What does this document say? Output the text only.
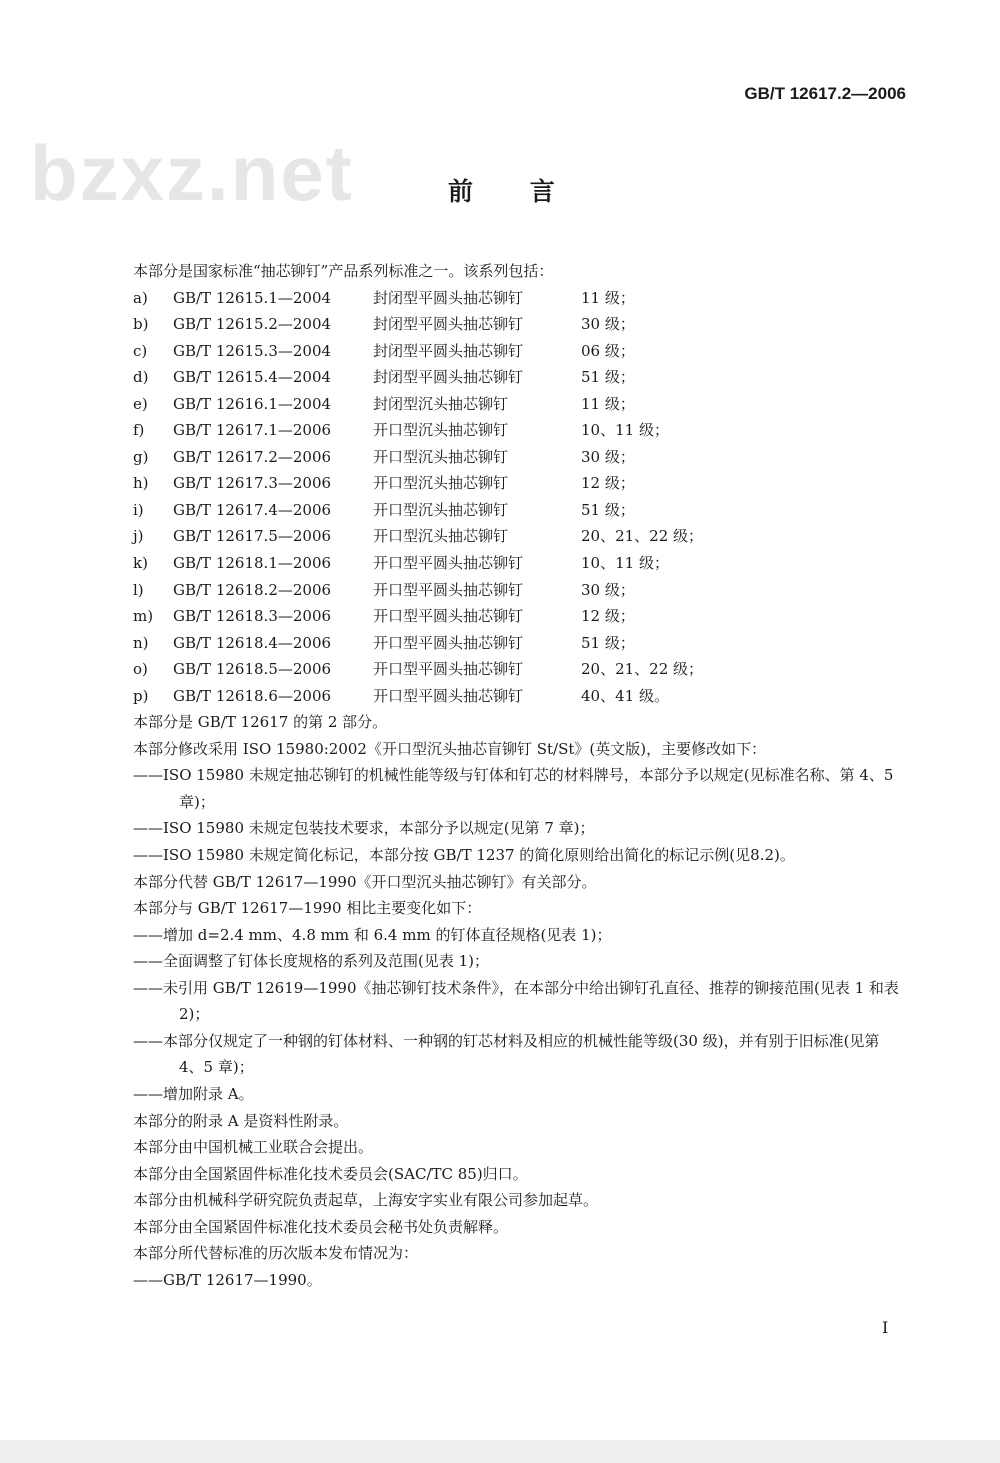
GB/T 12617.2—2006
bzxz.net	前 言
本部分是国家标准“抽芯铆钉”产品系列标准之一。该系列包括：
a) GB/T 12615.1—2004	封闭型平圆头抽芯铆钉	11 级；
b) GB/T 12615.2—2004	封闭型平圆头抽芯铆钉	30 级；
c) GB/T 12615.3—2004	封闭型平圆头抽芯铆钉	06 级；
d) GB/T 12615.4—2004	封闭型平圆头抽芯铆钉	51 级；
e) GB/T 12616.1—2004	封闭型沉头抽芯铆钉	11 级；
f) GB/T 12617.1—2006	开口型沉头抽芯铆钉	10、11 级；
g) GB/T 12617.2—2006	开口型沉头抽芯铆钉	30 级；
h) GB/T 12617.3—2006	开口型沉头抽芯铆钉	12 级；
i) GB/T 12617.4—2006	开口型沉头抽芯铆钉	51 级；
j) GB/T 12617.5—2006	开口型沉头抽芯铆钉	20、21、22 级；
k) GB/T 12618.1—2006	开口型平圆头抽芯铆钉	10、11 级；
l) GB/T 12618.2—2006	开口型平圆头抽芯铆钉	30 级；
m) GB/T 12618.3—2006	开口型平圆头抽芯铆钉	12 级；
n) GB/T 12618.4—2006	开口型平圆头抽芯铆钉	51 级；
o) GB/T 12618.5—2006	开口型平圆头抽芯铆钉	20、21、22 级；
p) GB/T 12618.6—2006	开口型平圆头抽芯铆钉	40、41 级。
本部分是 GB/T 12617 的第 2 部分。
本部分修改采用 ISO 15980:2002《开口型沉头抽芯盲铆钉 St/St》(英文版)，主要修改如下：
——ISO 15980 未规定抽芯铆钉的机械性能等级与钉体和钉芯的材料牌号，本部分予以规定(见标准名称、第 4、5 章)；
——ISO 15980 未规定包装技术要求，本部分予以规定(见第 7 章)；
——ISO 15980 未规定简化标记，本部分按 GB/T 1237 的简化原则给出简化的标记示例(见8.2)。
本部分代替 GB/T 12617—1990《开口型沉头抽芯铆钉》有关部分。
本部分与 GB/T 12617—1990 相比主要变化如下：
——增加 d=2.4 mm、4.8 mm 和 6.4 mm 的钉体直径规格(见表 1)；
——全面调整了钉体长度规格的系列及范围(见表 1)；
——未引用 GB/T 12619—1990《抽芯铆钉技术条件》，在本部分中给出铆钉孔直径、推荐的铆接范围(见表 1 和表 2)；
——本部分仅规定了一种钢的钉体材料、一种钢的钉芯材料及相应的机械性能等级(30 级)，并有别于旧标准(见第 4、5 章)；
——增加附录 A。
本部分的附录 A 是资料性附录。
本部分由中国机械工业联合会提出。
本部分由全国紧固件标准化技术委员会(SAC/TC 85)归口。
本部分由机械科学研究院负责起草，上海安字实业有限公司参加起草。
本部分由全国紧固件标准化技术委员会秘书处负责解释。
本部分所代替标准的历次版本发布情况为：
——GB/T 12617—1990。
I
